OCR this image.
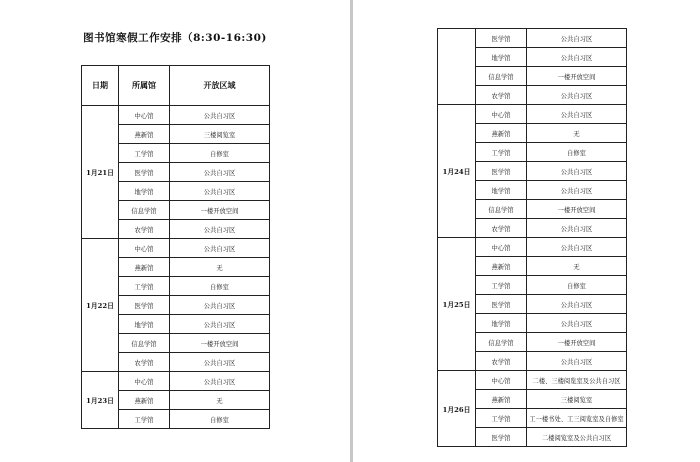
图书馆寒假工作安排（8:30-16:30)
日期	所属馆	开放区域
1月21日	中心馆	公共自习区
	燕新馆	三楼阅览室
	工学馆	自修室
	医学馆	公共自习区
	地学馆	公共自习区
	信息学馆	一楼开放空间
	农学馆	公共自习区
1月22日	中心馆	公共自习区
	燕新馆	无
	工学馆	自修室
	医学馆	公共自习区
	地学馆	公共自习区
	信息学馆	一楼开放空间
	农学馆	公共自习区
1月23日	中心馆	公共自习区
	燕新馆	无
	工学馆	自修室
	医学馆	公共自习区
	地学馆	公共自习区
	信息学馆	一楼开放空间
	农学馆	公共自习区
1月24日	中心馆	公共自习区
	燕新馆	无
	工学馆	自修室
	医学馆	公共自习区
	地学馆	公共自习区
	信息学馆	一楼开放空间
	农学馆	公共自习区
1月25日	中心馆	公共自习区
	燕新馆	无
	工学馆	自修室
	医学馆	公共自习区
	地学馆	公共自习区
	信息学馆	一楼开放空间
	农学馆	公共自习区
1月26日	中心馆	二楼、三楼阅览室及公共自习区
	燕新馆	三楼阅览室
	工学馆	工一楼书处、工三阅览室及自修室
	医学馆	二楼阅览室及公共自习区
